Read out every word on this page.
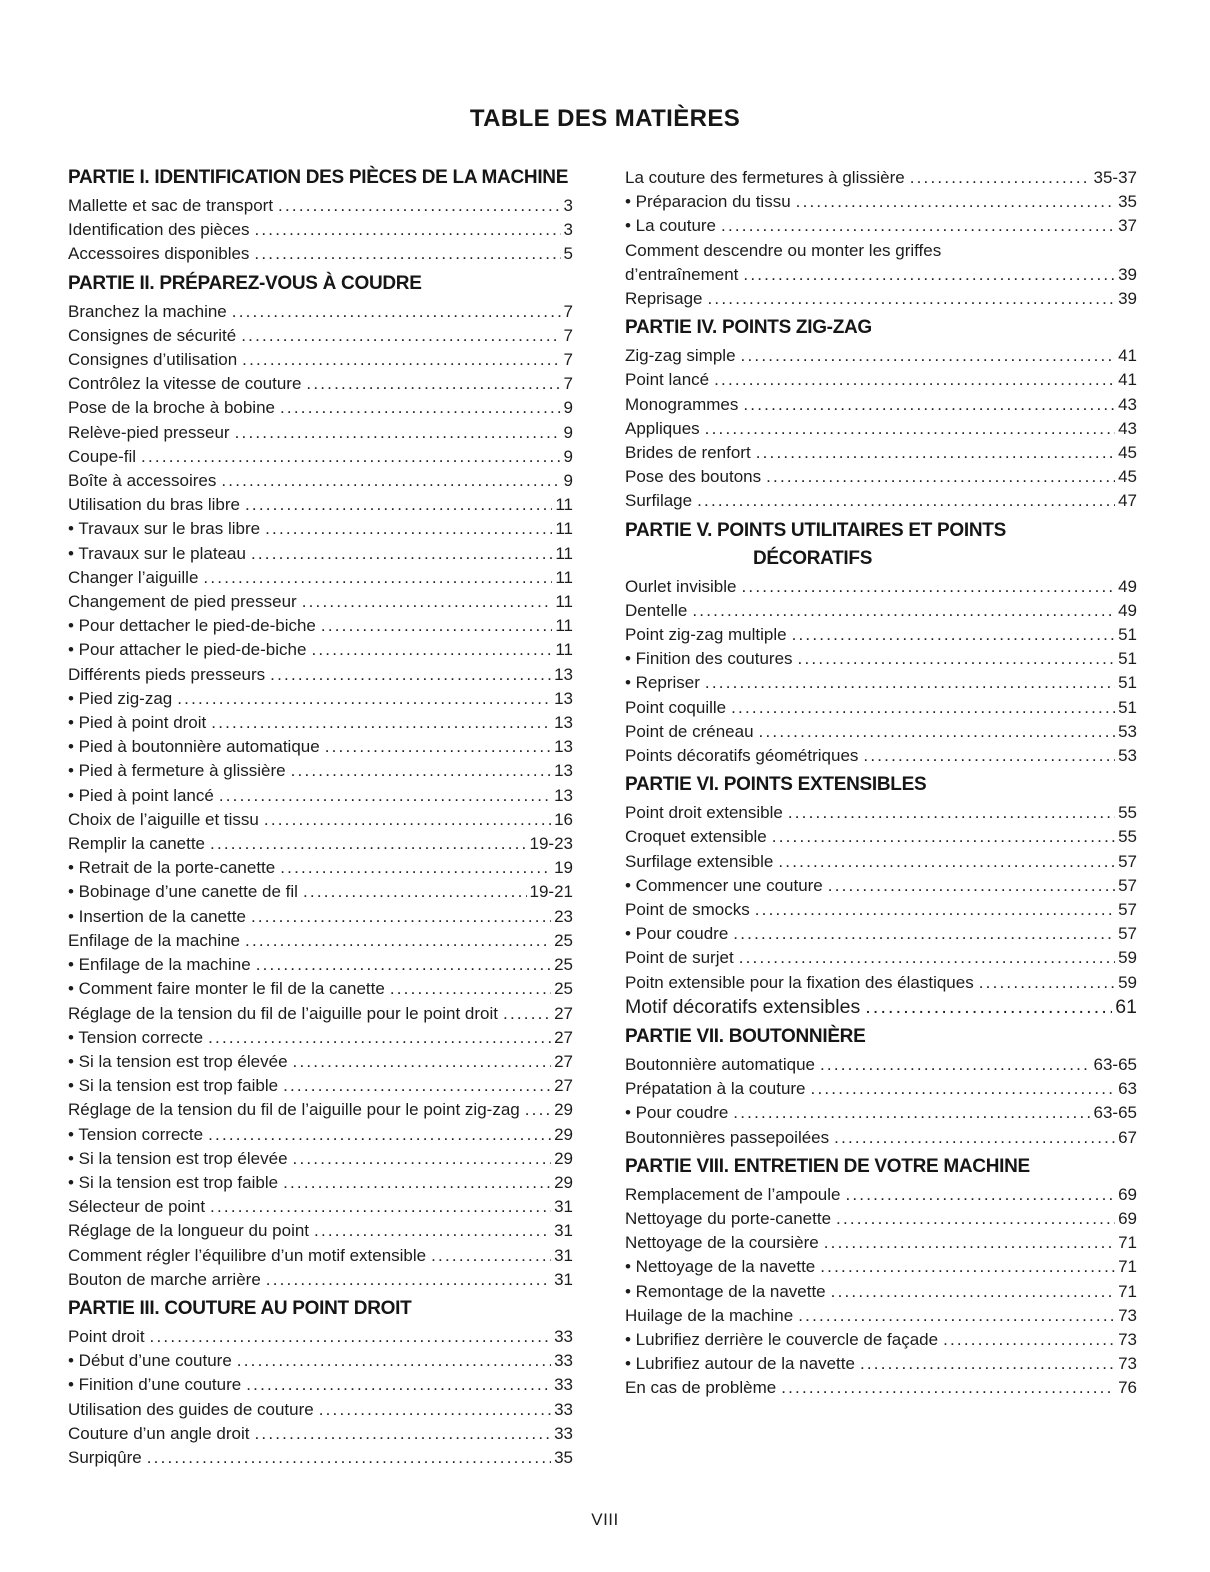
TABLE DES MATIÈRES
PARTIE I. IDENTIFICATION DES PIÈCES DE LA MACHINE
Mallette et sac de transport .....	3
Identification des pièces .....	3
Accessoires disponibles .....	5
PARTIE II. PRÉPAREZ-VOUS À COUDRE
Branchez la machine .....	7
Consignes de sécurité .....	7
Consignes d’utilisation .....	7
Contrôlez la vitesse de couture .....	7
Pose de la broche à bobine .....	9
Relève-pied presseur .....	9
Coupe-fil .....	9
Boîte à accessoires .....	9
Utilisation du bras libre .....	11
• Travaux sur le bras libre .....	11
• Travaux sur le plateau .....	11
Changer l’aiguille .....	11
Changement de pied presseur .....	11
• Pour dettacher le pied-de-biche .....	11
• Pour attacher le pied-de-biche .....	11
Différents pieds presseurs .....	13
• Pied zig-zag .....	13
• Pied à point droit .....	13
• Pied à boutonnière automatique .....	13
• Pied à fermeture à glissière .....	13
• Pied à point lancé .....	13
Choix de l’aiguille et tissu .....	16
Remplir la canette .....	19-23
• Retrait de la porte-canette .....	19
• Bobinage d’une canette de fil .....	19-21
• Insertion de la canette .....	23
Enfilage de la machine .....	25
• Enfilage de la machine .....	25
• Comment faire monter le fil de la canette .....	25
Réglage de la tension du fil de l’aiguille pour le point droit .....	27
• Tension correcte .....	27
• Si la tension est trop élevée .....	27
• Si la tension est trop faible .....	27
Réglage de la tension du fil de l’aiguille pour le point zig-zag ..... 29
• Tension correcte .....	29
• Si la tension est trop élevée .....	29
• Si la tension est trop faible .....	29
Sélecteur de point .....	31
Réglage de la longueur du point .....	31
Comment régler l’équilibre d’un motif extensible .....	31
Bouton de marche arrière .....	31
PARTIE III. COUTURE AU POINT DROIT
Point droit .....	33
• Début d’une couture .....	33
• Finition d’une couture .....	33
Utilisation des guides de couture .....	33
Couture d’un angle droit .....	33
Surpiqûre .....	35
La couture des fermetures à glissière .....	35-37
• Préparacion du tissu .....	35
• La couture .....	37
Comment descendre ou monter les griffes
d’entraînement .....	39
Reprisage .....	39
PARTIE IV. POINTS ZIG-ZAG
Zig-zag simple .....	41
Point lancé .....	41
Monogrammes .....	43
Appliques .....	43
Brides de renfort .....	45
Pose des boutons .....	45
Surfilage .....	47
PARTIE V. POINTS UTILITAIRES ET POINTS
DÉCORATIFS
Ourlet invisible .....	49
Dentelle .....	49
Point zig-zag multiple .....	51
• Finition des coutures .....	51
• Repriser .....	51
Point coquille .....	51
Point de créneau .....	53
Points décoratifs géométriques .....	53
PARTIE VI. POINTS EXTENSIBLES
Point droit extensible .....	55
Croquet extensible .....	55
Surfilage extensible .....	57
• Commencer une couture .....	57
Point de smocks .....	57
• Pour coudre .....	57
Point de surjet .....	59
Poitn extensible pour la fixation des élastiques .....	59
Motif décoratifs extensibles .....	61
PARTIE VII. BOUTONNIÈRE
Boutonnière automatique .....	63-65
Prépatation à la couture .....	63
• Pour coudre .....	63-65
Boutonnières passepoilées .....	67
PARTIE VIII. ENTRETIEN DE VOTRE MACHINE
Remplacement de l’ampoule .....	69
Nettoyage du porte-canette .....	69
Nettoyage de la coursière .....	71
• Nettoyage de la navette .....	71
• Remontage de la navette .....	71
Huilage de la machine .....	73
• Lubrifiez derrière le couvercle de façade .....	73
• Lubrifiez autour de la navette .....	73
En cas de problème .....	76
VIII
